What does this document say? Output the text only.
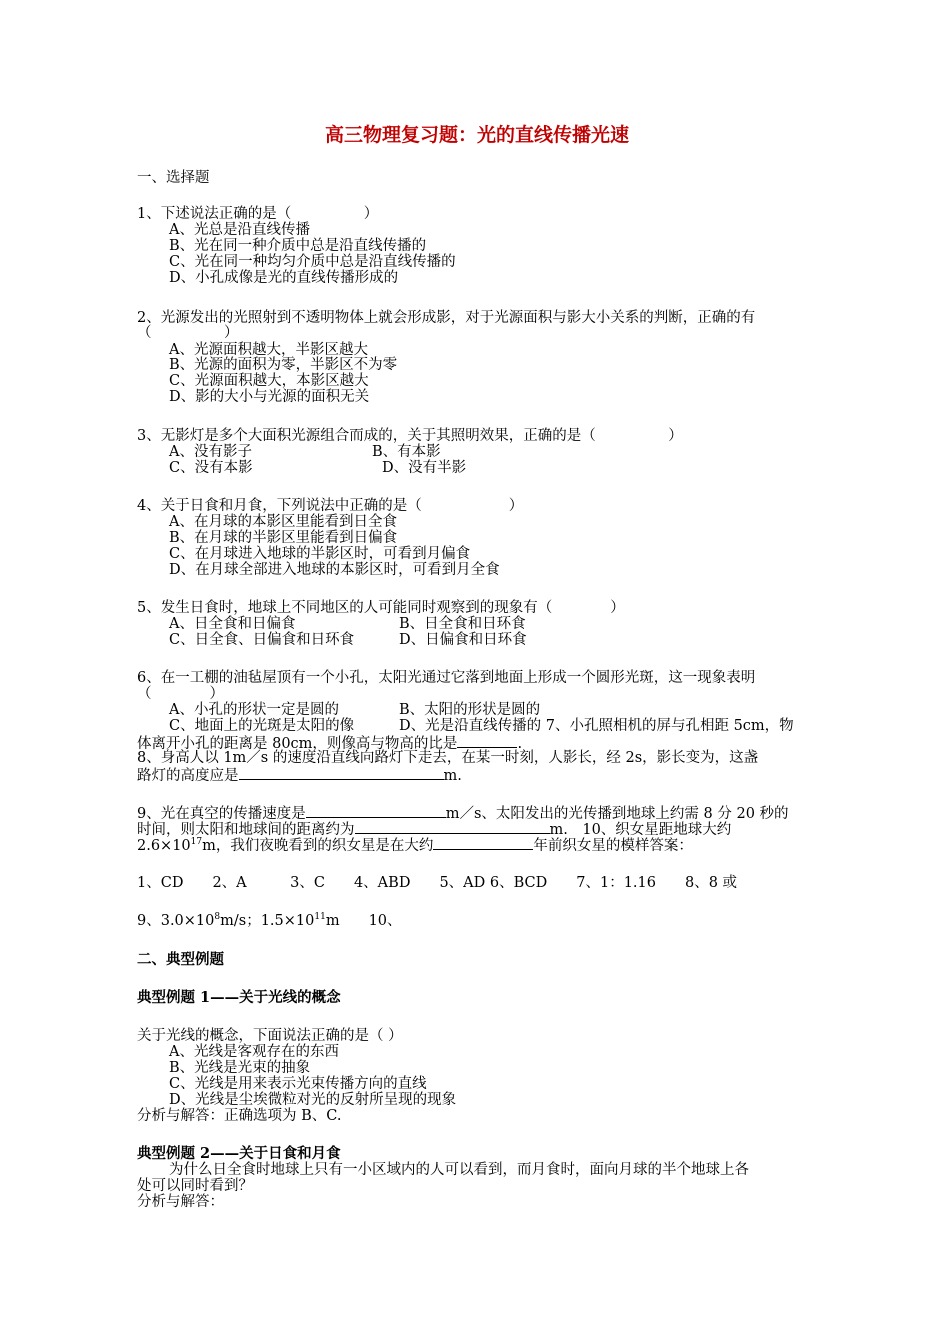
高三物理复习题：光的直线传播光速
一、选择题
1、下述说法正确的是（　　　　　）
A、光总是沿直线传播
B、光在同一种介质中总是沿直线传播的
C、光在同一种均匀介质中总是沿直线传播的
D、小孔成像是光的直线传播形成的
2、光源发出的光照射到不透明物体上就会形成影，对于光源面积与影大小关系的判断，正确的有
（　　　　　）
A、光源面积越大，半影区越大
B、光源的面积为零，半影区不为零
C、光源面积越大，本影区越大
D、影的大小与光源的面积无关
3、无影灯是多个大面积光源组合而成的，关于其照明效果，正确的是（　　　　　）
A、没有影子	B、有本影
C、没有本影	D、没有半影
4、关于日食和月食，下列说法中正确的是（　　　　　　）
A、在月球的本影区里能看到日全食
B、在月球的半影区里能看到日偏食
C、在月球进入地球的半影区时，可看到月偏食
D、在月球全部进入地球的本影区时，可看到月全食
5、发生日食时，地球上不同地区的人可能同时观察到的现象有（　　　　）
A、日全食和日偏食	B、日全食和日环食
C、日全食、日偏食和日环食	D、日偏食和日环食
6、在一工棚的油毡屋顶有一个小孔，太阳光通过它落到地面上形成一个圆形光斑，这一现象表明
（　　　　）
A、小孔的形状一定是圆的	B、太阳的形状是圆的
C、地面上的光斑是太阳的像	D、光是沿直线传播的 7、小孔照相机的屏与孔相距 5cm，物
体离开小孔的距离是 80cm，则像高与物高的比是	.
8、身高人以 1m／s 的速度沿直线向路灯下走去，在某一时刻，人影长，经 2s，影长变为，这盏
路灯的高度应是	m.
9、光在真空的传播速度是	m／s、太阳发出的光传播到地球上约需 8 分 20 秒的
时间，则太阳和地球间的距离约为	m.　10、织女星距地球大约
$2.6\times 10^{17}m$，我们夜晚看到的织女星是在大约	年前织女星的模样答案：
1、CD　　2、A　　　3、C　　4、ABD　　5、AD 6、BCD　　7、1：1.16　　8、8 或
9、$3.0\times 10^8m/s$；$1.5\times 10^{11}m$　　10、
二、典型例题
典型例题 1——关于光线的概念
关于光线的概念，下面说法正确的是（ ）
A、光线是客观存在的东西
B、光线是光束的抽象
C、光线是用来表示光束传播方向的直线
D、光线是尘埃微粒对光的反射所呈现的现象
分析与解答：正确选项为 B、C.
典型例题 2——关于日食和月食
为什么日全食时地球上只有一小区域内的人可以看到，而月食时，面向月球的半个地球上各
处可以同时看到？
分析与解答：
